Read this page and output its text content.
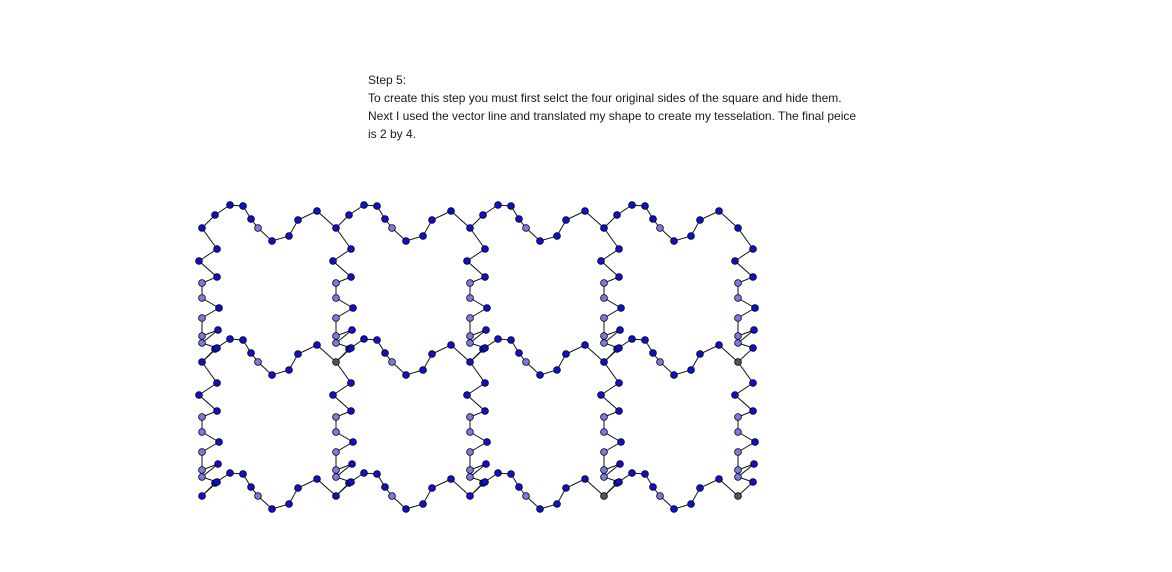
Step 5:
To create this step you must first selct the four original sides of the square and hide them.
Next I used the vector line and translated my shape to create my tesselation. The final peice
is 2 by 4.
